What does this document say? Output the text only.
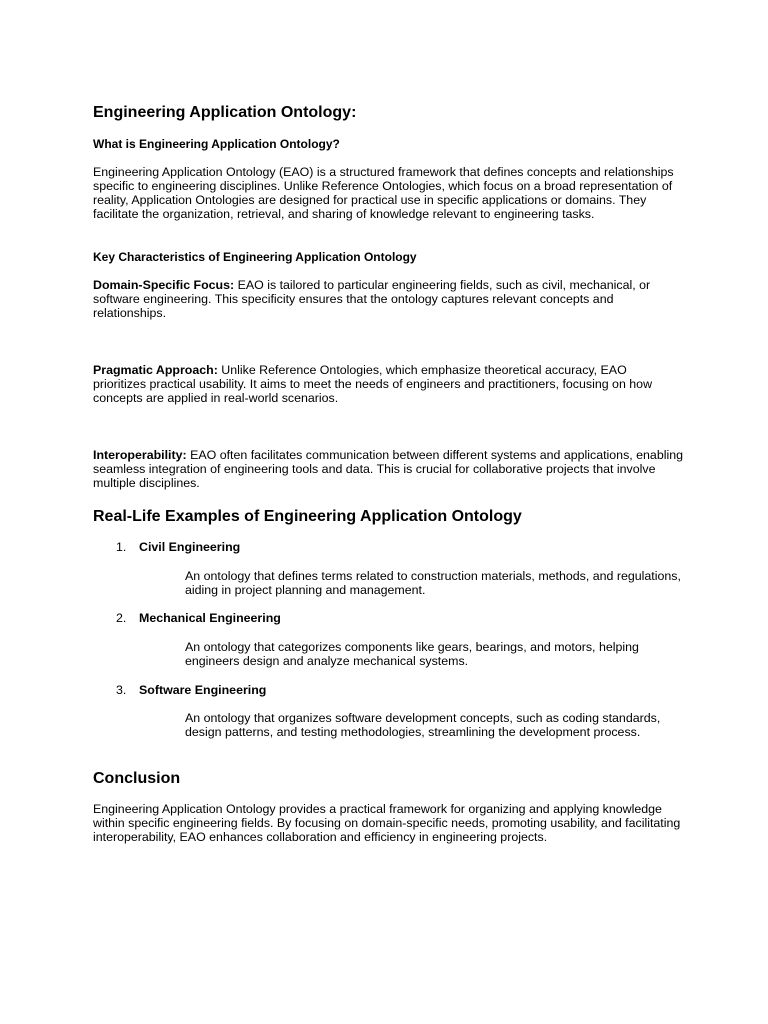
Engineering Application Ontology:
What is Engineering Application Ontology?
Engineering Application Ontology (EAO) is a structured framework that defines concepts and relationships specific to engineering disciplines. Unlike Reference Ontologies, which focus on a broad representation of reality, Application Ontologies are designed for practical use in specific applications or domains. They facilitate the organization, retrieval, and sharing of knowledge relevant to engineering tasks.
Key Characteristics of Engineering Application Ontology
Domain-Specific Focus: EAO is tailored to particular engineering fields, such as civil, mechanical, or software engineering. This specificity ensures that the ontology captures relevant concepts and relationships.
Pragmatic Approach: Unlike Reference Ontologies, which emphasize theoretical accuracy, EAO prioritizes practical usability. It aims to meet the needs of engineers and practitioners, focusing on how concepts are applied in real-world scenarios.
Interoperability: EAO often facilitates communication between different systems and applications, enabling seamless integration of engineering tools and data. This is crucial for collaborative projects that involve multiple disciplines.
Real-Life Examples of Engineering Application Ontology
1. Civil Engineering
An ontology that defines terms related to construction materials, methods, and regulations, aiding in project planning and management.
2. Mechanical Engineering
An ontology that categorizes components like gears, bearings, and motors, helping engineers design and analyze mechanical systems.
3. Software Engineering
An ontology that organizes software development concepts, such as coding standards, design patterns, and testing methodologies, streamlining the development process.
Conclusion
Engineering Application Ontology provides a practical framework for organizing and applying knowledge within specific engineering fields. By focusing on domain-specific needs, promoting usability, and facilitating interoperability, EAO enhances collaboration and efficiency in engineering projects.
